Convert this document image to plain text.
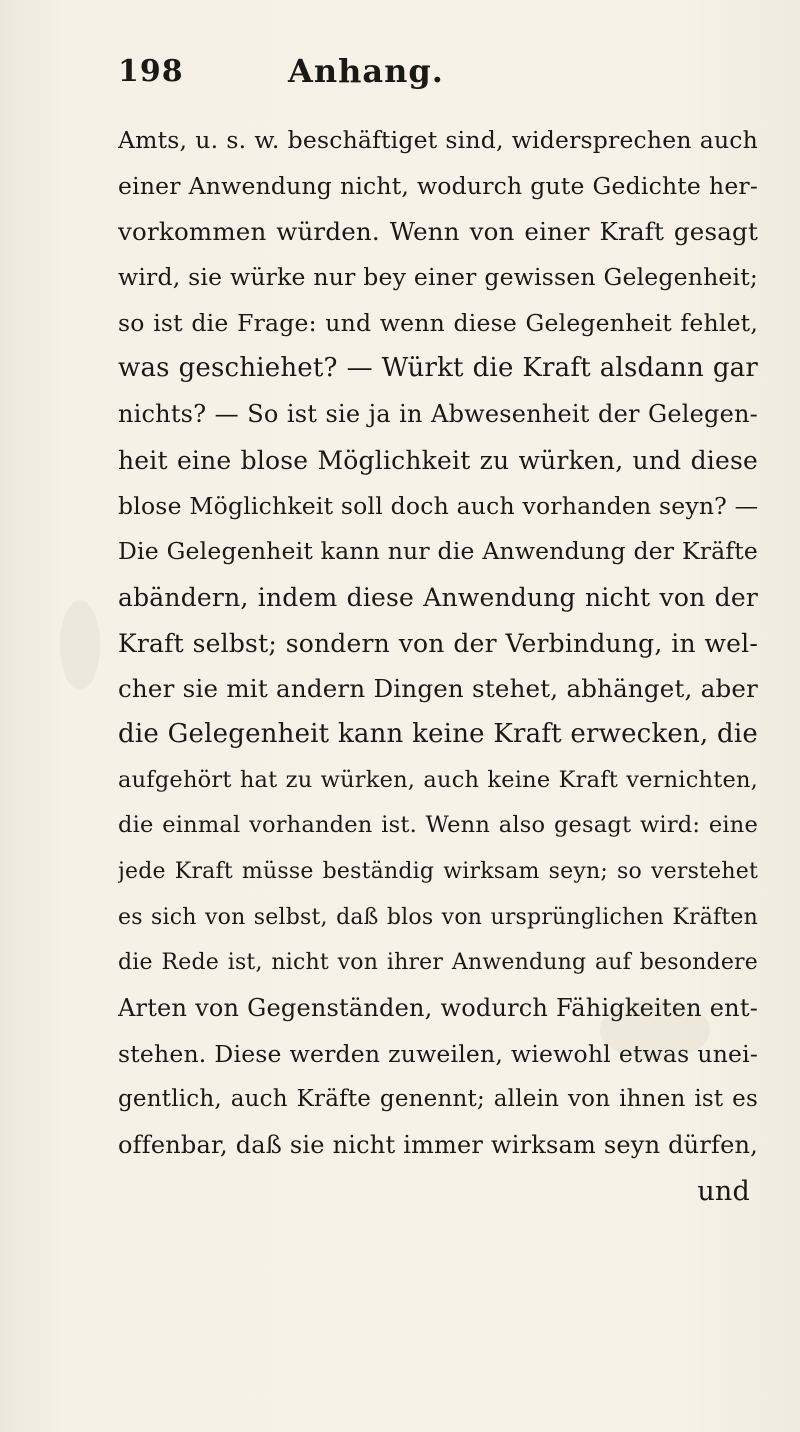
198	Anhang.
Amts, u. s. w. beschäftiget sind, widersprechen auch
einer Anwendung nicht, wodurch gute Gedichte her-
vorkommen würden. Wenn von einer Kraft gesagt
wird, sie würke nur bey einer gewissen Gelegenheit;
so ist die Frage: und wenn diese Gelegenheit fehlet,
was geschiehet? — Würkt die Kraft alsdann gar
nichts? — So ist sie ja in Abwesenheit der Gelegen-
heit eine blose Möglichkeit zu würken, und diese
blose Möglichkeit soll doch auch vorhanden seyn? —
Die Gelegenheit kann nur die Anwendung der Kräfte
abändern, indem diese Anwendung nicht von der
Kraft selbst; sondern von der Verbindung, in wel-
cher sie mit andern Dingen stehet, abhänget, aber
die Gelegenheit kann keine Kraft erwecken, die
aufgehört hat zu würken, auch keine Kraft vernichten,
die einmal vorhanden ist. Wenn also gesagt wird: eine
jede Kraft müsse beständig wirksam seyn; so verstehet
es sich von selbst, daß blos von ursprünglichen Kräften
die Rede ist, nicht von ihrer Anwendung auf besondere
Arten von Gegenständen, wodurch Fähigkeiten ent-
stehen. Diese werden zuweilen, wiewohl etwas unei-
gentlich, auch Kräfte genennt; allein von ihnen ist es
offenbar, daß sie nicht immer wirksam seyn dürfen,
und
